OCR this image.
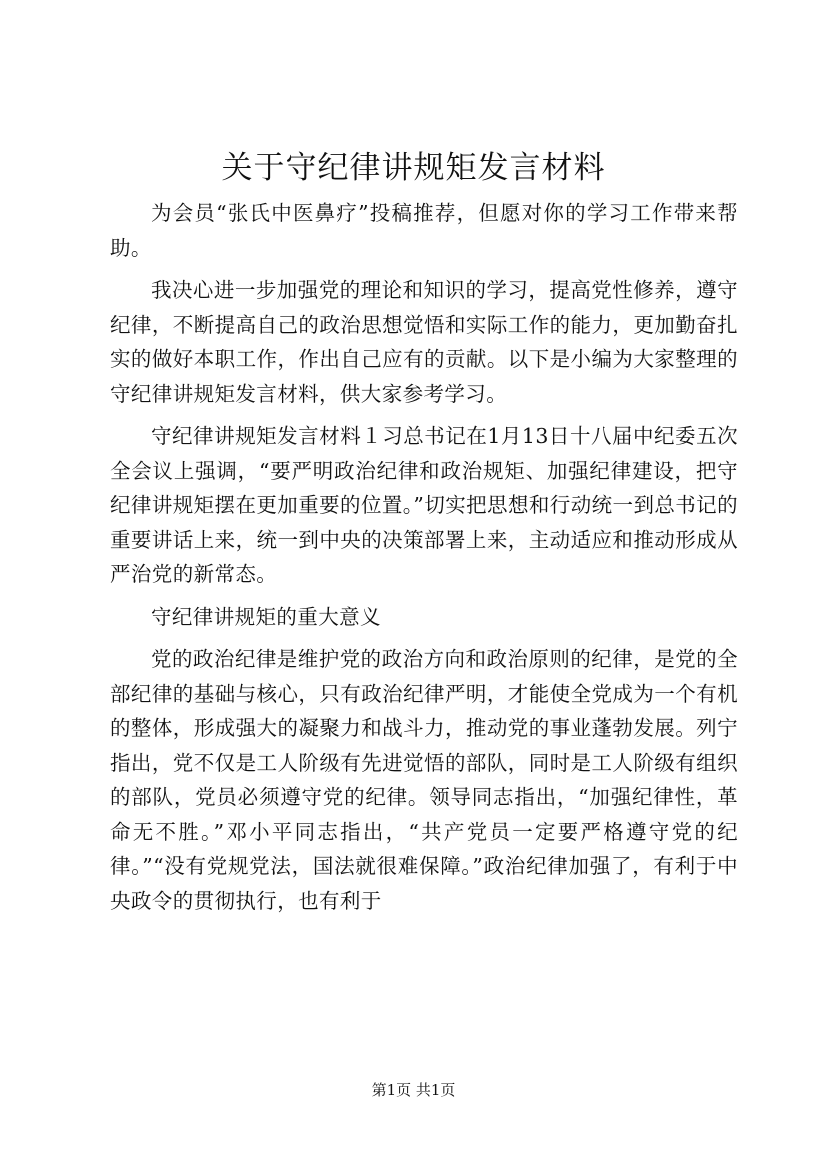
关于守纪律讲规矩发言材料

为会员“张氏中医鼻疗”投稿推荐，但愿对你的学习工作带来帮助。

我决心进一步加强党的理论和知识的学习，提高党性修养，遵守纪律，不断提高自己的政治思想觉悟和实际工作的能力，更加勤奋扎实的做好本职工作，作出自己应有的贡献。以下是小编为大家整理的守纪律讲规矩发言材料，供大家参考学习。

守纪律讲规矩发言材料１习总书记在1月13日十八届中纪委五次全会议上强调，“要严明政治纪律和政治规矩、加强纪律建设，把守纪律讲规矩摆在更加重要的位置。”切实把思想和行动统一到总书记的重要讲话上来，统一到中央的决策部署上来，主动适应和推动形成从严治党的新常态。

守纪律讲规矩的重大意义

党的政治纪律是维护党的政治方向和政治原则的纪律，是党的全部纪律的基础与核心，只有政治纪律严明，才能使全党成为一个有机的整体，形成强大的凝聚力和战斗力，推动党的事业蓬勃发展。列宁指出，党不仅是工人阶级有先进觉悟的部队，同时是工人阶级有组织的部队，党员必须遵守党的纪律。领导同志指出，“加强纪律性，革命无不胜。”邓小平同志指出，“共产党员一定要严格遵守党的纪律。”“没有党规党法，国法就很难保障。”政治纪律加强了，有利于中央政令的贯彻执行，也有利于

第1页 共1页
